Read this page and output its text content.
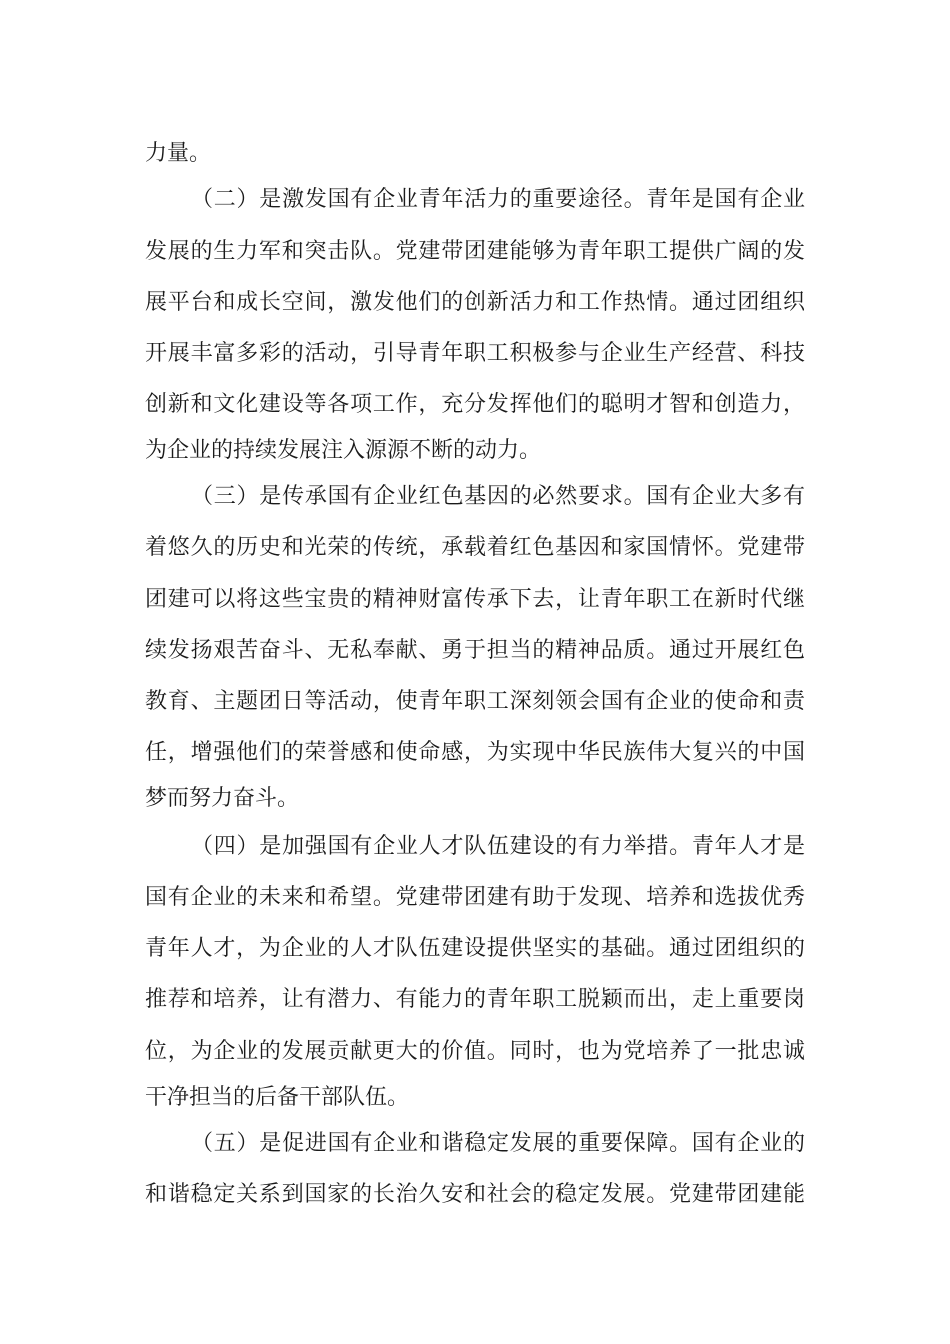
力量。
（二）是激发国有企业青年活力的重要途径。青年是国有企业
发展的生力军和突击队。党建带团建能够为青年职工提供广阔的发
展平台和成长空间，激发他们的创新活力和工作热情。通过团组织
开展丰富多彩的活动，引导青年职工积极参与企业生产经营、科技
创新和文化建设等各项工作，充分发挥他们的聪明才智和创造力，
为企业的持续发展注入源源不断的动力。
（三）是传承国有企业红色基因的必然要求。国有企业大多有
着悠久的历史和光荣的传统，承载着红色基因和家国情怀。党建带
团建可以将这些宝贵的精神财富传承下去，让青年职工在新时代继
续发扬艰苦奋斗、无私奉献、勇于担当的精神品质。通过开展红色
教育、主题团日等活动，使青年职工深刻领会国有企业的使命和责
任，增强他们的荣誉感和使命感，为实现中华民族伟大复兴的中国
梦而努力奋斗。
（四）是加强国有企业人才队伍建设的有力举措。青年人才是
国有企业的未来和希望。党建带团建有助于发现、培养和选拔优秀
青年人才，为企业的人才队伍建设提供坚实的基础。通过团组织的
推荐和培养，让有潜力、有能力的青年职工脱颖而出，走上重要岗
位，为企业的发展贡献更大的价值。同时，也为党培养了一批忠诚
干净担当的后备干部队伍。
（五）是促进国有企业和谐稳定发展的重要保障。国有企业的
和谐稳定关系到国家的长治久安和社会的稳定发展。党建带团建能
